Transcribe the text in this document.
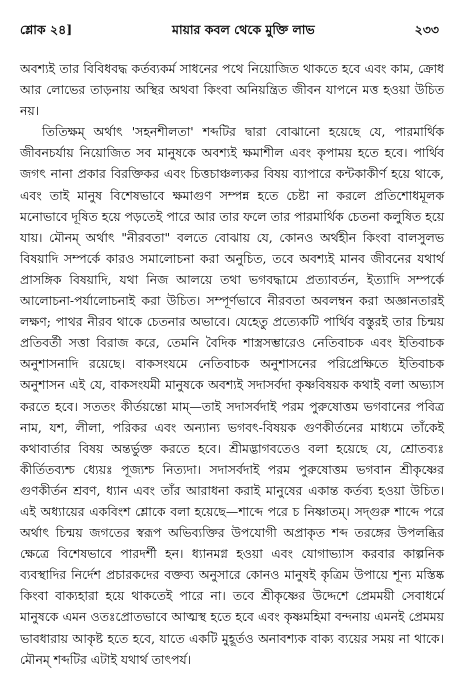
শ্লোক ২৪]	মায়ার কবল থেকে মুক্তি লাভ	২৩৩

অবশ্যই তার বিবিধবদ্ধ কর্তব্যকর্ম সাধনের পথে নিয়োজিত থাকতে হবে এবং কাম, ক্রোধ আর লোভের তাড়নায় অস্থির অথবা কিংবা অনিয়ন্ত্রিত জীবন যাপনে মত্ত হওয়া উচিত নয়।

তিতিক্ষম্ অর্থাৎ 'সহনশীলতা' শব্দটির দ্বারা বোঝানো হয়েছে যে, পারমার্থিক জীবনচর্যায় নিয়োজিত সব মানুষকে অবশ্যই ক্ষমাশীল এবং কৃপাময় হতে হবে। পার্থিব জগৎ নানা প্রকার বিরক্তিকর এবং চিত্তচাঞ্চল্যকর বিষয় ব্যাপারে কন্টকাকীর্ণ হয়ে থাকে, এবং তাই মানুষ বিশেষভাবে ক্ষমাগুণ সম্পন্ন হতে চেষ্টা না করলে প্রতিশোধমূলক মনোভাবে দূষিত হয়ে পড়তেই পারে আর তার ফলে তার পারমার্থিক চেতনা কলুষিত হয়ে যায়। মৌনম্ অর্থাৎ "নীরবতা" বলতে বোঝায় যে, কোনও অর্থহীন কিংবা বালসুলভ বিষয়াদি সম্পর্কে কারও সমালোচনা করা অনুচিত, তবে অবশ্যই মানব জীবনের যথার্থ প্রাসঙ্গিক বিষয়াদি, যথা নিজ আলয়ে তথা ভগবদ্ধামে প্রত্যাবর্তন, ইত্যাদি সম্পর্কে আলোচনা-পর্যালোচনাই করা উচিত। সম্পূর্ণভাবে নীরবতা অবলম্বন করা অজ্ঞানতারই লক্ষণ; পাথর নীরব থাকে চেতনার অভাবে। যেহেতু প্রত্যেকটি পার্থিব বস্তুরই তার চিন্ময় প্রতিবর্তী সত্তা বিরাজ করে, তেমনি বৈদিক শাস্ত্রসম্ভারেও নেতিবাচক এবং ইতিবাচক অনুশাসনাদি রয়েছে। বাকসংযমে নেতিবাচক অনুশাসনের পরিপ্রেক্ষিতে ইতিবাচক অনুশাসন এই যে, বাকসংযমী মানুষকে অবশ্যই সদাসর্বদা কৃষ্ণবিষয়ক কথাই বলা অভ্যাস করতে হবে। সততং কীর্তয়ন্তো মাম্—তাই সদাসর্বদাই পরম পুরুষোত্তম ভগবানের পবিত্র নাম, যশ, লীলা, পরিকর এবং অন্যান্য ভগবৎ-বিষয়ক গুণকীর্তনের মাধ্যমে তাঁকেই কথাবার্তার বিষয় অন্তর্ভুক্ত করতে হবে। শ্রীমদ্ভাগবতেও বলা হয়েছে যে, শ্রোতব্যঃ কীর্তিতব্যশ্চ ধ্যেয়ঃ পূজ্যশ্চ নিত্যদা। সদাসর্বদাই পরম পুরুষোত্তম ভগবান শ্রীকৃষ্ণের গুণকীর্তন শ্রবণ, ধ্যান এবং তাঁর আরাধনা করাই মানুষের একান্ত কর্তব্য হওয়া উচিত। এই অধ্যায়ের একবিংশ শ্লোকে বলা হয়েছে—শাব্দে পরে চ নিষ্ণাতম্। সদ্গুরু শাব্দে পরে অর্থাৎ চিন্ময় জগতের স্বরূপ অভিব্যক্তির উপযোগী অপ্রাকৃত শব্দ তরঙ্গের উপলব্ধির ক্ষেত্রে বিশেষভাবে পারদর্শী হন। ধ্যানমগ্ন হওয়া এবং যোগাভ্যাস করবার কাল্পনিক ব্যবস্থাদির নির্দেশ প্রচারকদের বক্তব্য অনুসারে কোনও মানুষই কৃত্রিম উপায়ে শূন্য মস্তিষ্ক কিংবা বাক্যহারা হয়ে থাকতেই পারে না। তবে শ্রীকৃষ্ণের উদ্দেশে প্রেমময়ী সেবাধর্মে মানুষকে এমন ওতঃপ্রোতভাবে আত্মস্থ হতে হবে এবং কৃষ্ণমহিমা বন্দনায় এমনই প্রেমময় ভাবধারায় আকৃষ্ট হতে হবে, যাতে একটি মুহূর্তও অনাবশ্যক বাক্য ব্যয়ের সময় না থাকে। মৌনম্ শব্দটির এটাই যথার্থ তাৎপর্য।
